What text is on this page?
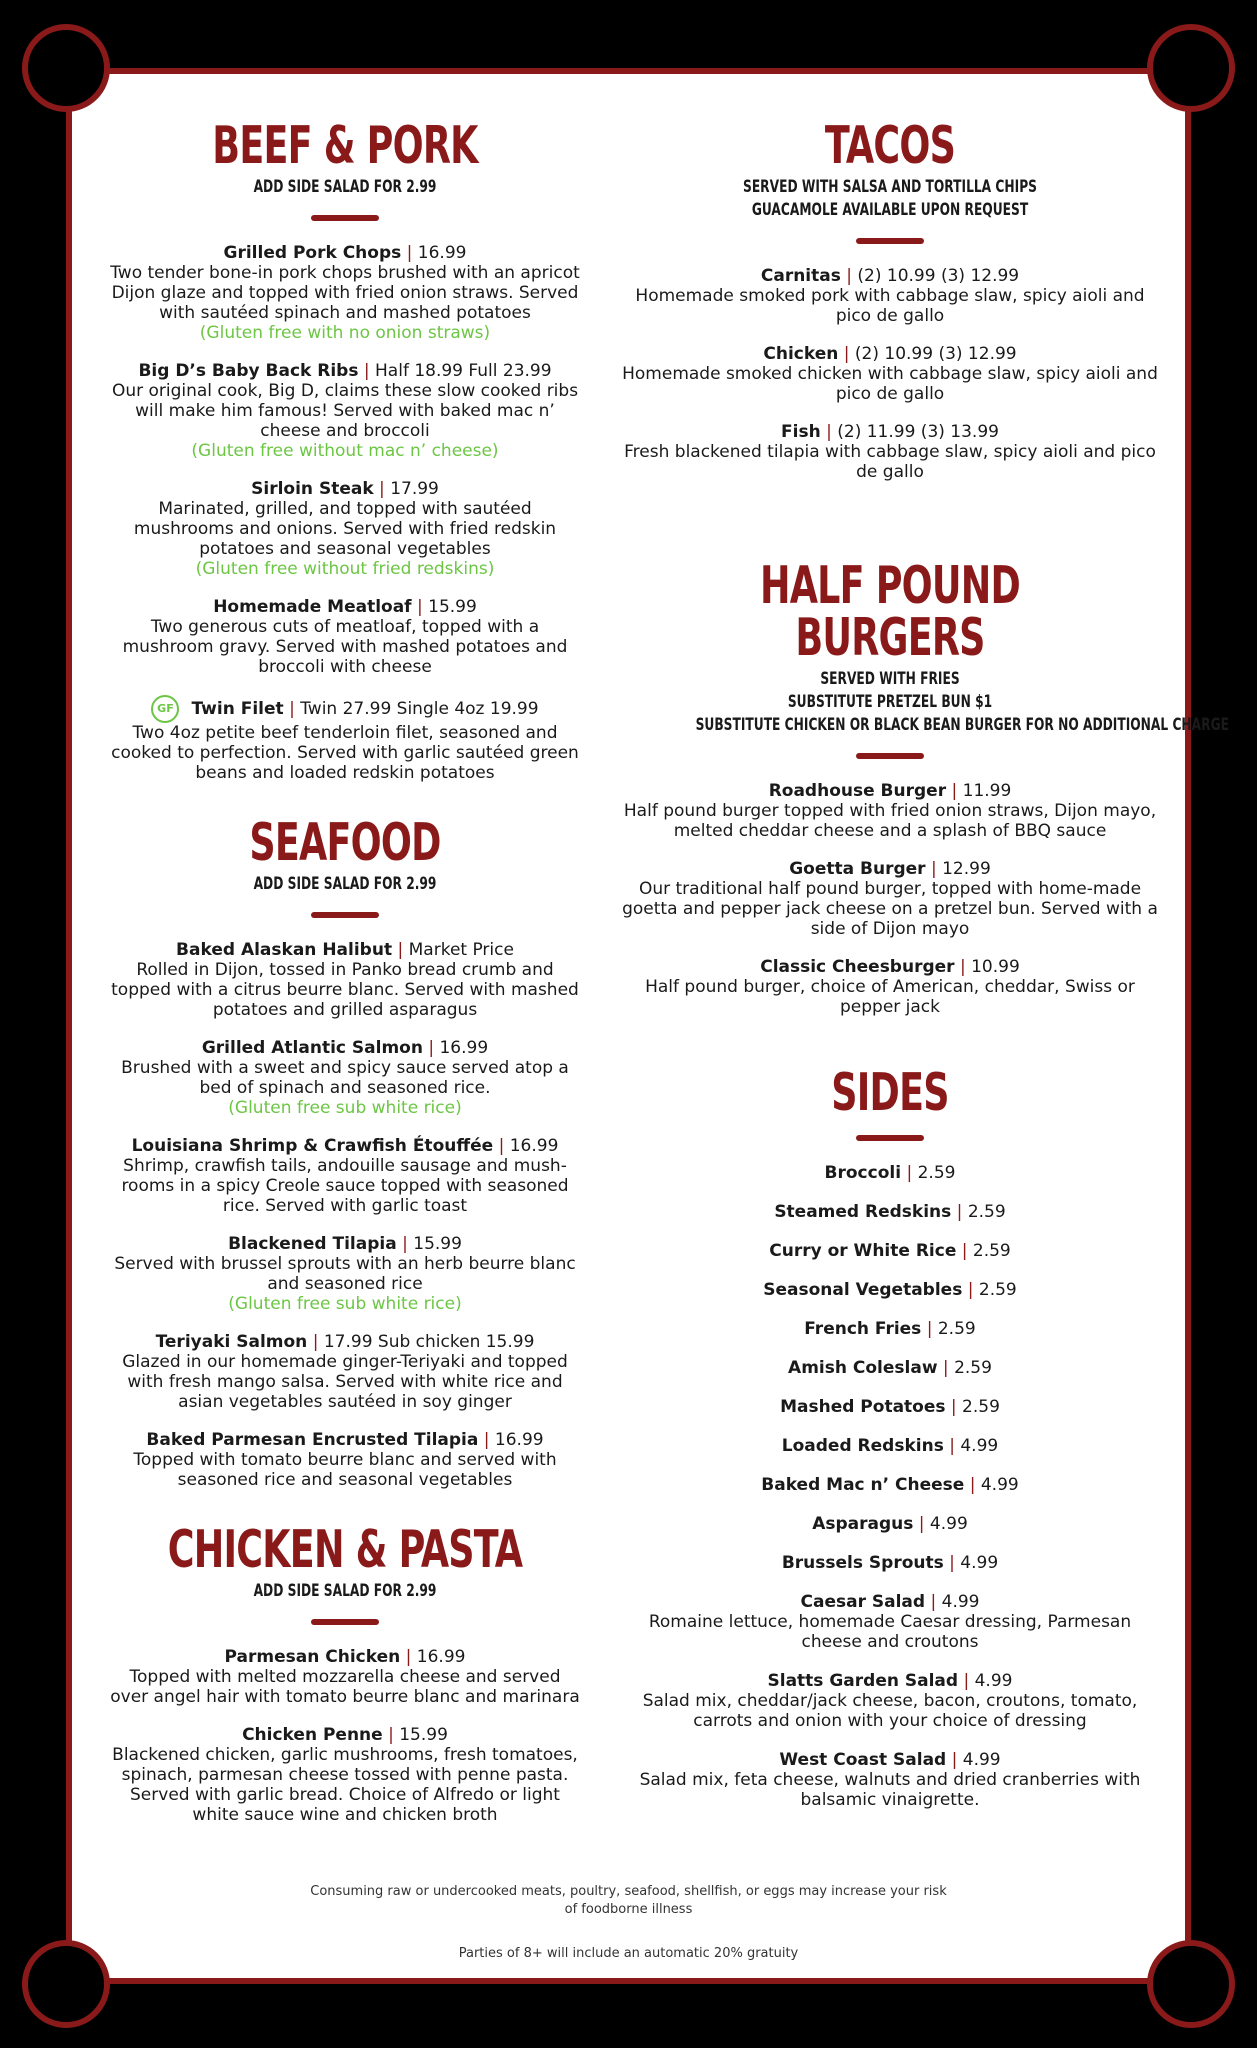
BEEF & PORK
ADD SIDE SALAD FOR 2.99
Grilled Pork Chops | 16.99
Two tender bone-in pork chops brushed with an apricot Dijon glaze and topped with fried onion straws. Served with sautéed spinach and mashed potatoes
(Gluten free with no onion straws)
Big D’s Baby Back Ribs | Half 18.99 Full 23.99
Our original cook, Big D, claims these slow cooked ribs will make him famous! Served with baked mac n’ cheese and broccoli
(Gluten free without mac n’ cheese)
Sirloin Steak | 17.99
Marinated, grilled, and topped with sautéed mushrooms and onions. Served with fried redskin potatoes and seasonal vegetables
(Gluten free without fried redskins)
Homemade Meatloaf | 15.99
Two generous cuts of meatloaf, topped with a mushroom gravy. Served with mashed potatoes and broccoli with cheese
GF Twin Filet | Twin 27.99 Single 4oz 19.99
Two 4oz petite beef tenderloin filet, seasoned and cooked to perfection. Served with garlic sautéed green beans and loaded redskin potatoes
SEAFOOD
ADD SIDE SALAD FOR 2.99
Baked Alaskan Halibut | Market Price
Rolled in Dijon, tossed in Panko bread crumb and topped with a citrus beurre blanc. Served with mashed potatoes and grilled asparagus
Grilled Atlantic Salmon | 16.99
Brushed with a sweet and spicy sauce served atop a bed of spinach and seasoned rice.
(Gluten free sub white rice)
Louisiana Shrimp & Crawfish Étouffée | 16.99
Shrimp, crawfish tails, andouille sausage and mush-rooms in a spicy Creole sauce topped with seasoned rice. Served with garlic toast
Blackened Tilapia | 15.99
Served with brussel sprouts with an herb beurre blanc and seasoned rice
(Gluten free sub white rice)
Teriyaki Salmon | 17.99 Sub chicken 15.99
Glazed in our homemade ginger-Teriyaki and topped with fresh mango salsa. Served with white rice and asian vegetables sautéed in soy ginger
Baked Parmesan Encrusted Tilapia | 16.99
Topped with tomato beurre blanc and served with seasoned rice and seasonal vegetables
CHICKEN & PASTA
ADD SIDE SALAD FOR 2.99
Parmesan Chicken | 16.99
Topped with melted mozzarella cheese and served over angel hair with tomato beurre blanc and marinara
Chicken Penne | 15.99
Blackened chicken, garlic mushrooms, fresh tomatoes, spinach, parmesan cheese tossed with penne pasta. Served with garlic bread. Choice of Alfredo or light white sauce wine and chicken broth
TACOS
SERVED WITH SALSA AND TORTILLA CHIPS
GUACAMOLE AVAILABLE UPON REQUEST
Carnitas | (2) 10.99 (3) 12.99
Homemade smoked pork with cabbage slaw, spicy aioli and pico de gallo
Chicken | (2) 10.99 (3) 12.99
Homemade smoked chicken with cabbage slaw, spicy aioli and pico de gallo
Fish | (2) 11.99 (3) 13.99
Fresh blackened tilapia with cabbage slaw, spicy aioli and pico de gallo
HALF POUND BURGERS
SERVED WITH FRIES
SUBSTITUTE PRETZEL BUN $1
SUBSTITUTE CHICKEN OR BLACK BEAN BURGER FOR NO ADDITIONAL CHARGE
Roadhouse Burger | 11.99
Half pound burger topped with fried onion straws, Dijon mayo, melted cheddar cheese and a splash of BBQ sauce
Goetta Burger | 12.99
Our traditional half pound burger, topped with home-made goetta and pepper jack cheese on a pretzel bun. Served with a side of Dijon mayo
Classic Cheesburger | 10.99
Half pound burger, choice of American, cheddar, Swiss or pepper jack
SIDES
Broccoli | 2.59
Steamed Redskins | 2.59
Curry or White Rice | 2.59
Seasonal Vegetables | 2.59
French Fries | 2.59
Amish Coleslaw | 2.59
Mashed Potatoes | 2.59
Loaded Redskins | 4.99
Baked Mac n’ Cheese | 4.99
Asparagus | 4.99
Brussels Sprouts | 4.99
Caesar Salad | 4.99
Romaine lettuce, homemade Caesar dressing, Parmesan cheese and croutons
Slatts Garden Salad | 4.99
Salad mix, cheddar/jack cheese, bacon, croutons, tomato, carrots and onion with your choice of dressing
West Coast Salad | 4.99
Salad mix, feta cheese, walnuts and dried cranberries with balsamic vinaigrette.
Consuming raw or undercooked meats, poultry, seafood, shellfish, or eggs may increase your risk of foodborne illness
Parties of 8+ will include an automatic 20% gratuity
